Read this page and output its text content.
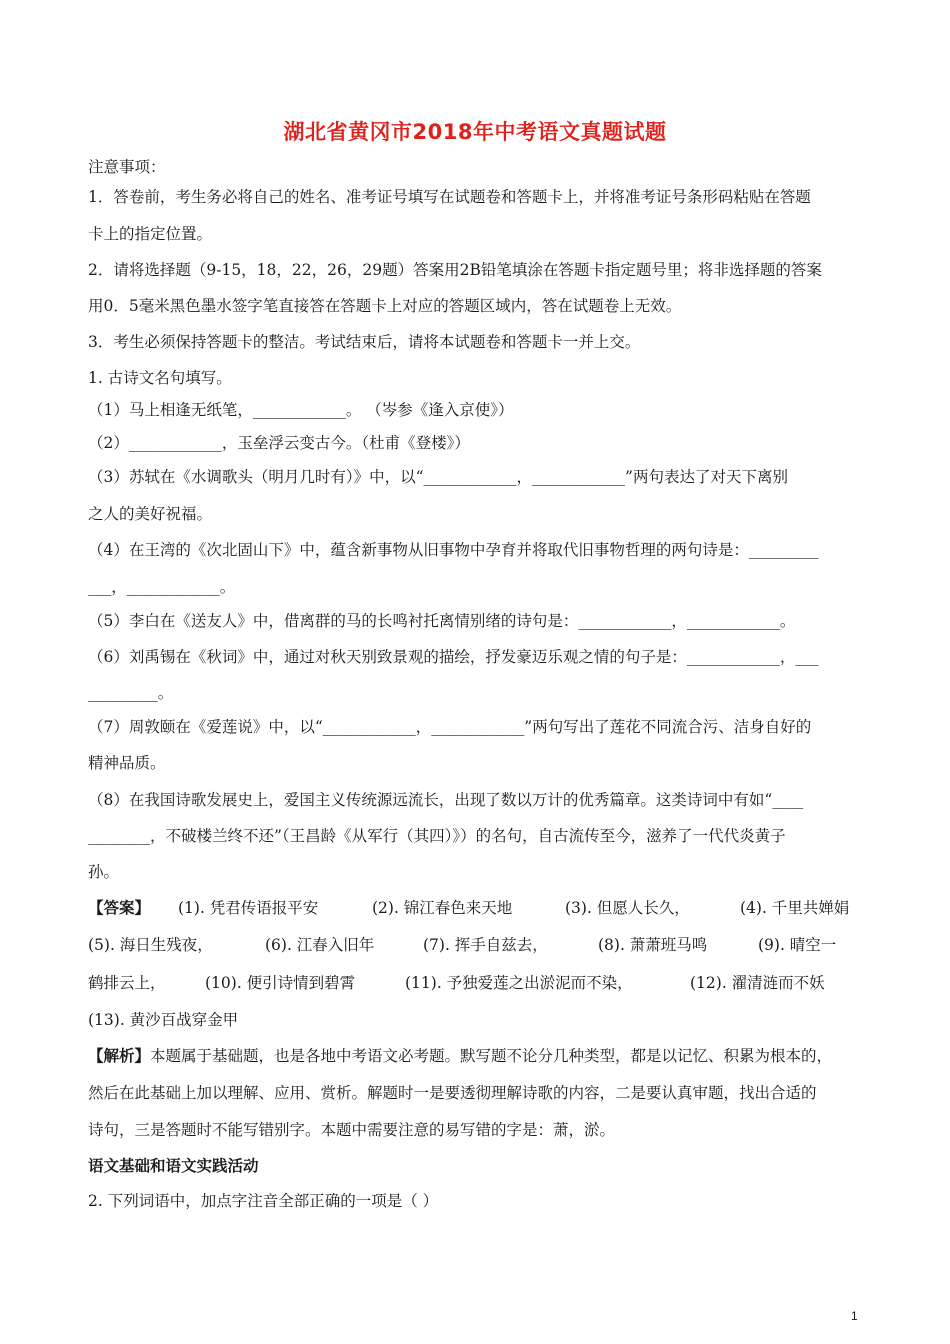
湖北省黄冈市2018年中考语文真题试题
注意事项：
1．答卷前，考生务必将自己的姓名、准考证号填写在试题卷和答题卡上，并将准考证号条形码粘贴在答题
卡上的指定位置。
2．请将选择题（9-15，18，22，26，29题）答案用2B铅笔填涂在答题卡指定题号里；将非选择题的答案
用0．5毫米黑色墨水签字笔直接答在答题卡上对应的答题区域内，答在试题卷上无效。
3．考生必须保持答题卡的整洁。考试结束后，请将本试题卷和答题卡一并上交。
1. 古诗文名句填写。
（1）马上相逢无纸笔，____________。 （岑参《逢入京使》）
（2）____________，玉垒浮云变古今。（杜甫《登楼》）
（3）苏轼在《水调歌头（明月几时有）》中，以“____________，____________”两句表达了对天下离别
之人的美好祝福。
（4）在王湾的《次北固山下》中，蕴含新事物从旧事物中孕育并将取代旧事物哲理的两句诗是：_________
___，____________。
（5）李白在《送友人》中，借离群的马的长鸣衬托离情别绪的诗句是：____________，____________。
（6）刘禹锡在《秋词》中，通过对秋天别致景观的描绘，抒发豪迈乐观之情的句子是：____________，___
_________。
（7）周敦颐在《爱莲说》中，以“____________，____________”两句写出了莲花不同流合污、洁身自好的
精神品质。
（8）在我国诗歌发展史上，爱国主义传统源远流长，出现了数以万计的优秀篇章。这类诗词中有如“____
________，不破楼兰终不还”（王昌龄《从军行（其四）》）的名句，自古流传至今，滋养了一代代炎黄子
孙。
【答案】 (1). 凭君传语报平安	(2). 锦江春色来天地	(3). 但愿人长久，	(4). 千里共婵娟
(5). 海日生残夜，	(6). 江春入旧年	(7). 挥手自兹去，	(8). 萧萧班马鸣	(9). 晴空一
鹤排云上，	(10). 便引诗情到碧霄	(11). 予独爱莲之出淤泥而不染，	(12). 濯清涟而不妖
(13). 黄沙百战穿金甲
【解析】本题属于基础题，也是各地中考语文必考题。默写题不论分几种类型，都是以记忆、积累为根本的，
然后在此基础上加以理解、应用、赏析。解题时一是要透彻理解诗歌的内容，二是要认真审题，找出合适的
诗句，三是答题时不能写错别字。本题中需要注意的易写错的字是：萧，淤。
语文基础和语文实践活动
2. 下列词语中，加点字注音全部正确的一项是（ ）
1
